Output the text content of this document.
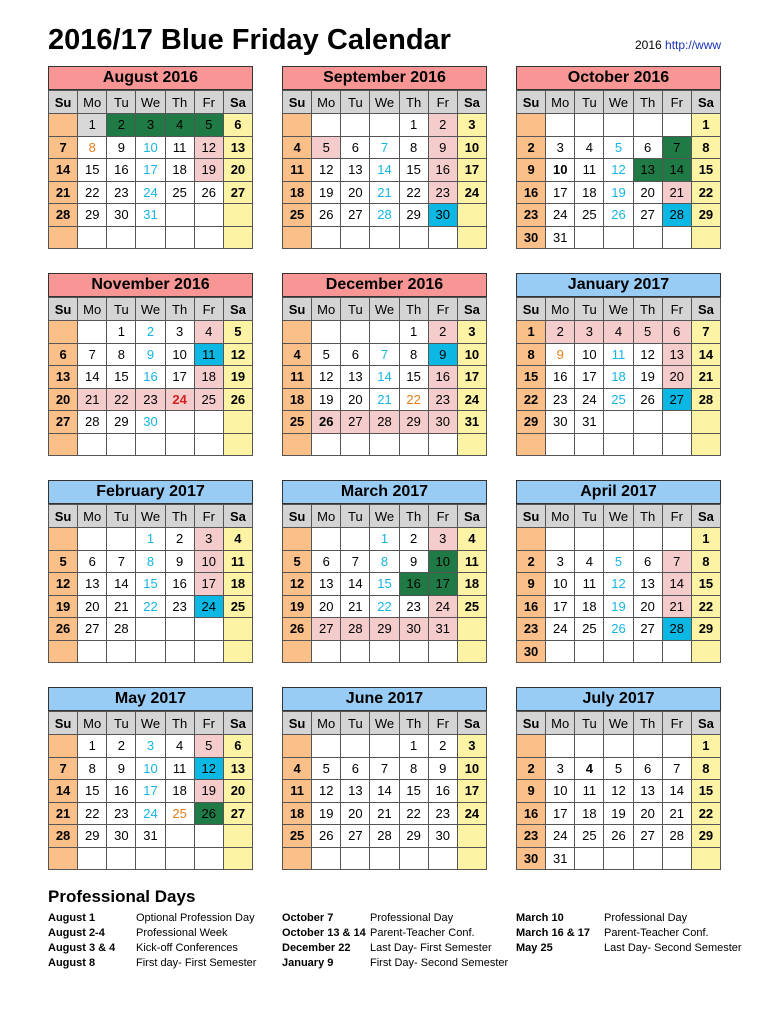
2016/17 Blue Friday Calendar	2016 http://www
August 2016
Su	Mo	Tu	We	Th	Fr	Sa
	1	2	3	4	5	6
7	8	9	10	11	12	13
14	15	16	17	18	19	20
21	22	23	24	25	26	27
28	29	30	31			

September 2016
Su	Mo	Tu	We	Th	Fr	Sa
				1	2	3
4	5	6	7	8	9	10
11	12	13	14	15	16	17
18	19	20	21	22	23	24
25	26	27	28	29	30	

October 2016
Su	Mo	Tu	We	Th	Fr	Sa
						1
2	3	4	5	6	7	8
9	10	11	12	13	14	15
16	17	18	19	20	21	22
23	24	25	26	27	28	29
30	31					
November 2016
Su	Mo	Tu	We	Th	Fr	Sa
		1	2	3	4	5
6	7	8	9	10	11	12
13	14	15	16	17	18	19
20	21	22	23	24	25	26
27	28	29	30			

December 2016
Su	Mo	Tu	We	Th	Fr	Sa
				1	2	3
4	5	6	7	8	9	10
11	12	13	14	15	16	17
18	19	20	21	22	23	24
25	26	27	28	29	30	31

January 2017
Su	Mo	Tu	We	Th	Fr	Sa
1	2	3	4	5	6	7
8	9	10	11	12	13	14
15	16	17	18	19	20	21
22	23	24	25	26	27	28
29	30	31				

February 2017
Su	Mo	Tu	We	Th	Fr	Sa
			1	2	3	4
5	6	7	8	9	10	11
12	13	14	15	16	17	18
19	20	21	22	23	24	25
26	27	28				

March 2017
Su	Mo	Tu	We	Th	Fr	Sa
			1	2	3	4
5	6	7	8	9	10	11
12	13	14	15	16	17	18
19	20	21	22	23	24	25
26	27	28	29	30	31	

April 2017
Su	Mo	Tu	We	Th	Fr	Sa
						1
2	3	4	5	6	7	8
9	10	11	12	13	14	15
16	17	18	19	20	21	22
23	24	25	26	27	28	29
30						
May 2017
Su	Mo	Tu	We	Th	Fr	Sa
	1	2	3	4	5	6
7	8	9	10	11	12	13
14	15	16	17	18	19	20
21	22	23	24	25	26	27
28	29	30	31			

June 2017
Su	Mo	Tu	We	Th	Fr	Sa
				1	2	3
4	5	6	7	8	9	10
11	12	13	14	15	16	17
18	19	20	21	22	23	24
25	26	27	28	29	30	

July 2017
Su	Mo	Tu	We	Th	Fr	Sa
						1
2	3	4	5	6	7	8
9	10	11	12	13	14	15
16	17	18	19	20	21	22
23	24	25	26	27	28	29
30	31					
Professional Days
August 1	Optional Profession Day
August 2-4	Professional Week
August 3 & 4 Kick-off Conferences
August 8	First day- First Semester
October 7	Professional Day
October 13 & 14 Parent-Teacher Conf.
December 22 Last Day- First Semester
January 9	First Day- Second Semester
March 10	Professional Day
March 16 & 17 Parent-Teacher Conf.
May 25	Last Day- Second Semester
